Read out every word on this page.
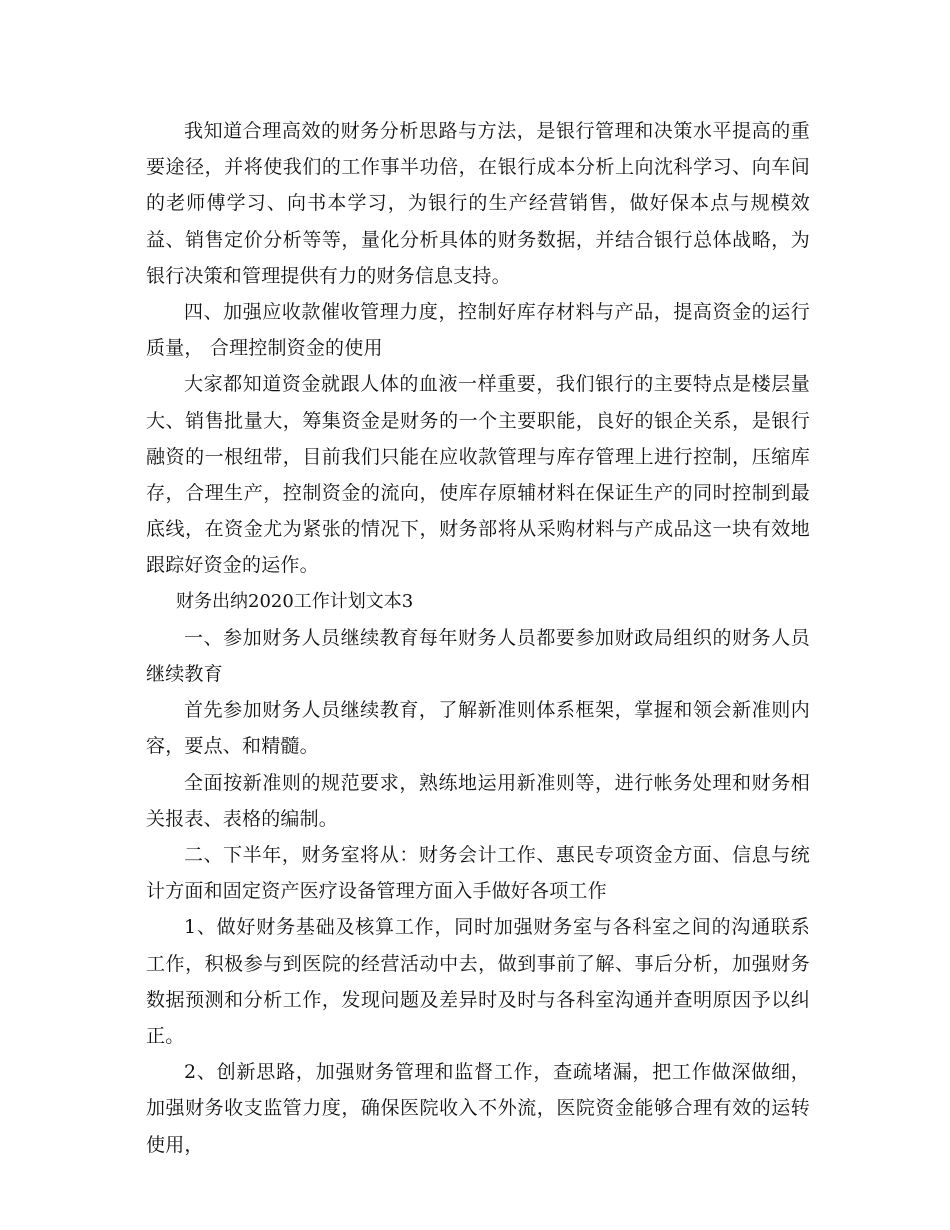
我知道合理高效的财务分析思路与方法，是银行管理和决策水平提高的重要途径，并将使我们的工作事半功倍，在银行成本分析上向沈科学习、向车间的老师傅学习、向书本学习，为银行的生产经营销售，做好保本点与规模效益、销售定价分析等等，量化分析具体的财务数据，并结合银行总体战略，为银行决策和管理提供有力的财务信息支持。

四、加强应收款催收管理力度，控制好库存材料与产品，提高资金的运行质量， 合理控制资金的使用

大家都知道资金就跟人体的血液一样重要，我们银行的主要特点是楼层量大、销售批量大，筹集资金是财务的一个主要职能，良好的银企关系，是银行融资的一根纽带，目前我们只能在应收款管理与库存管理上进行控制，压缩库存，合理生产，控制资金的流向，使库存原辅材料在保证生产的同时控制到最底线，在资金尤为紧张的情况下，财务部将从采购材料与产成品这一块有效地跟踪好资金的运作。

财务出纳2020工作计划文本3

一、参加财务人员继续教育每年财务人员都要参加财政局组织的财务人员继续教育

首先参加财务人员继续教育，了解新准则体系框架，掌握和领会新准则内容，要点、和精髓。

全面按新准则的规范要求，熟练地运用新准则等，进行帐务处理和财务相关报表、表格的编制。

二、下半年，财务室将从：财务会计工作、惠民专项资金方面、信息与统计方面和固定资产医疗设备管理方面入手做好各项工作

1、做好财务基础及核算工作，同时加强财务室与各科室之间的沟通联系工作，积极参与到医院的经营活动中去，做到事前了解、事后分析，加强财务数据预测和分析工作，发现问题及差异时及时与各科室沟通并查明原因予以纠正。

2、创新思路，加强财务管理和监督工作，查疏堵漏，把工作做深做细，加强财务收支监管力度，确保医院收入不外流，医院资金能够合理有效的运转使用，
